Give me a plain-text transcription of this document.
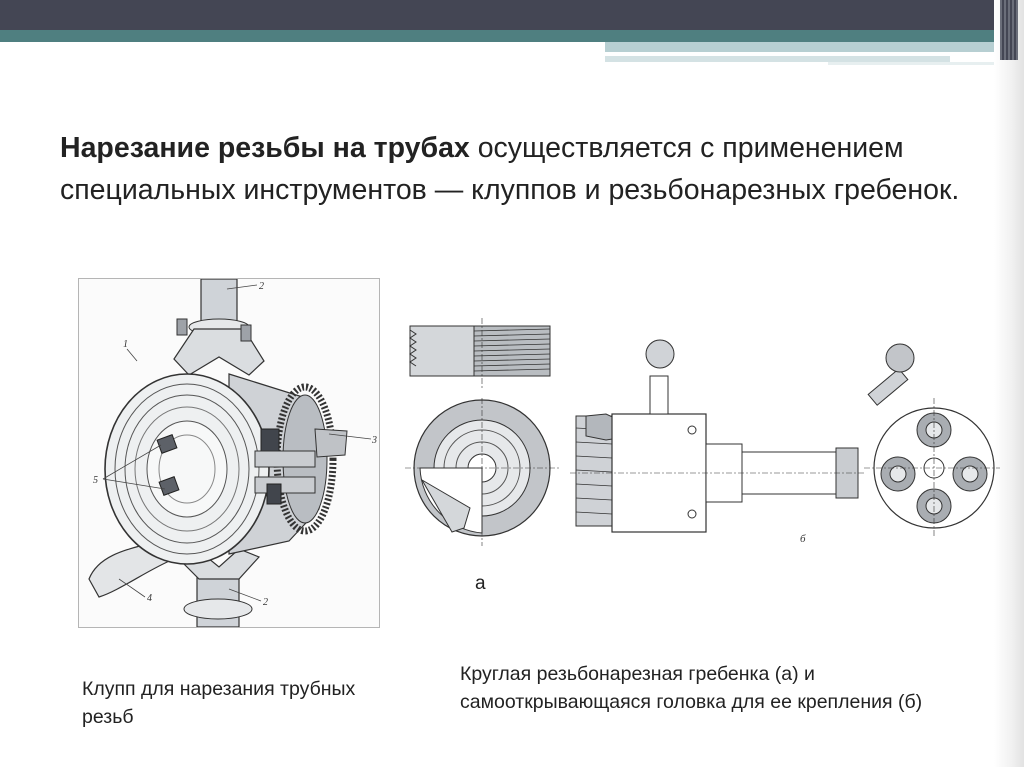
Нарезание резьбы на трубах осуществляется с применением специальных инструментов — клуппов и резьбонарезных гребенок.
2
1
3
5
4	2
б
а
Клупп для нарезания трубных резьб
Круглая резьбонарезная гребенка (а) и самооткрывающаяся головка для ее крепления (б)
